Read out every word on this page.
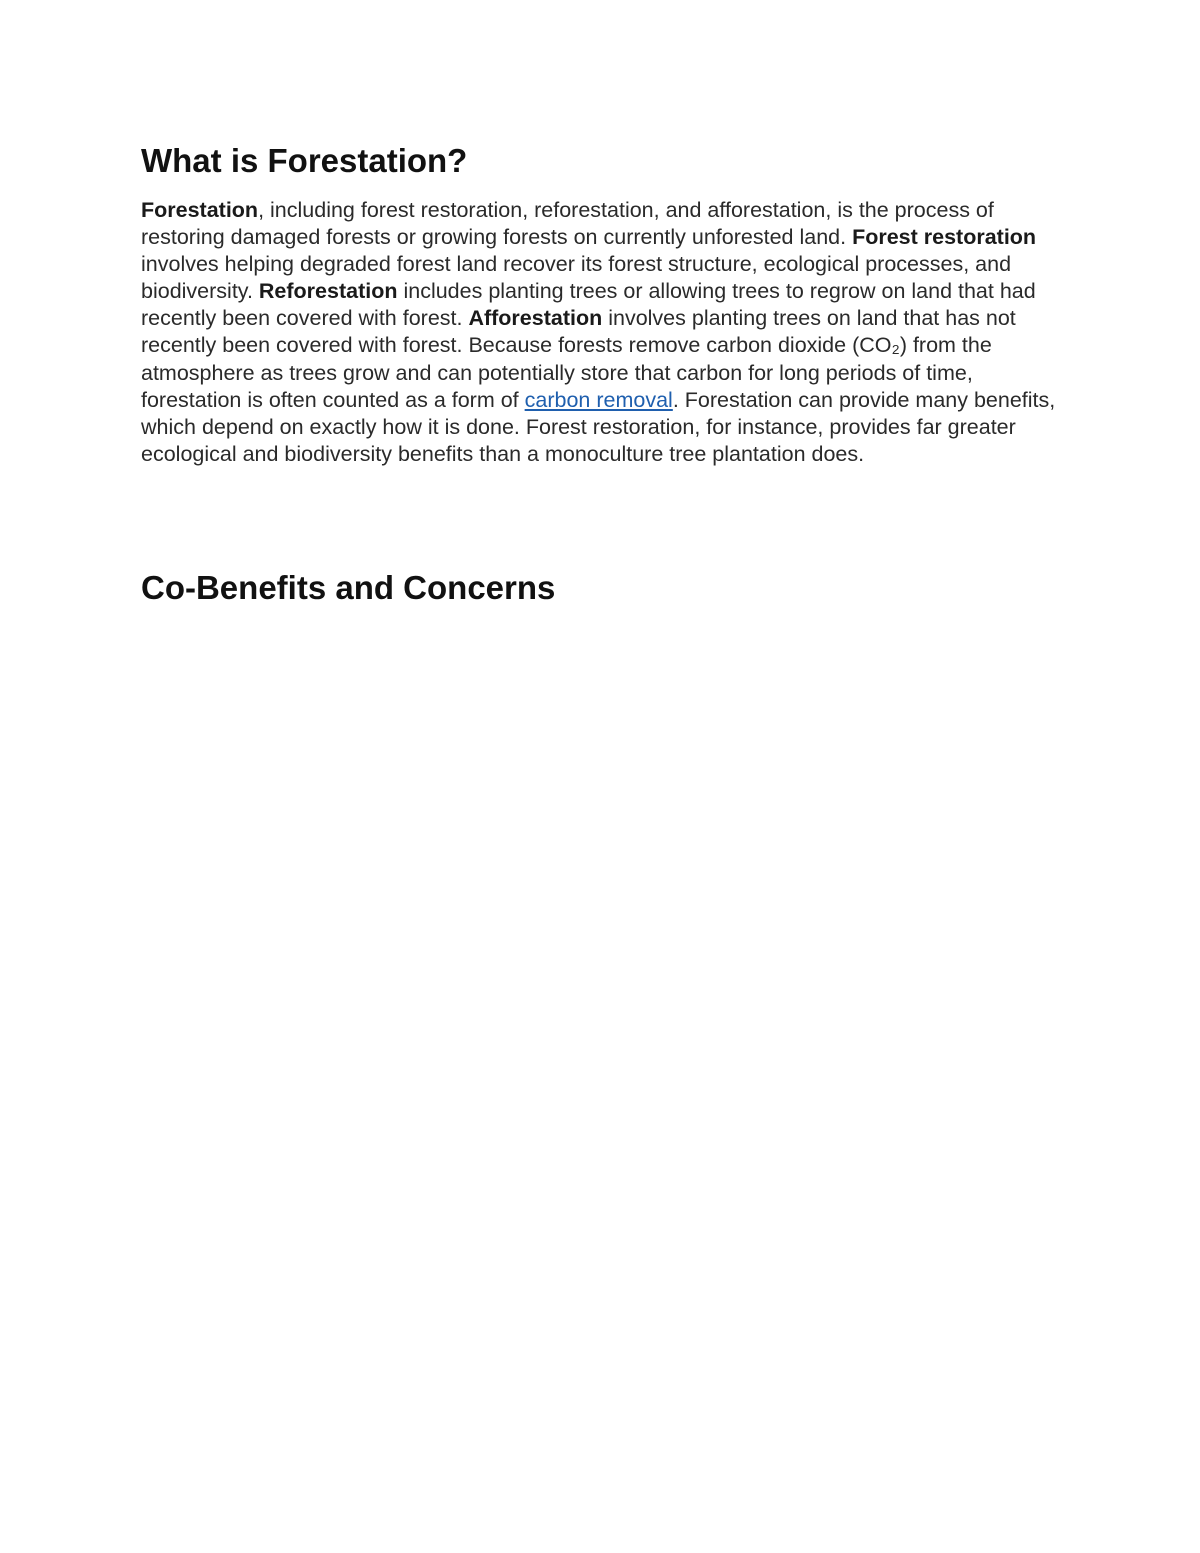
What is Forestation?

Forestation, including forest restoration, reforestation, and afforestation, is the process of restoring damaged forests or growing forests on currently unforested land. Forest restoration involves helping degraded forest land recover its forest structure, ecological processes, and biodiversity. Reforestation includes planting trees or allowing trees to regrow on land that had recently been covered with forest. Afforestation involves planting trees on land that has not recently been covered with forest. Because forests remove carbon dioxide (CO₂) from the atmosphere as trees grow and can potentially store that carbon for long periods of time, forestation is often counted as a form of carbon removal. Forestation can provide many benefits, which depend on exactly how it is done. Forest restoration, for instance, provides far greater ecological and biodiversity benefits than a monoculture tree plantation does.

Co-Benefits and Concerns
